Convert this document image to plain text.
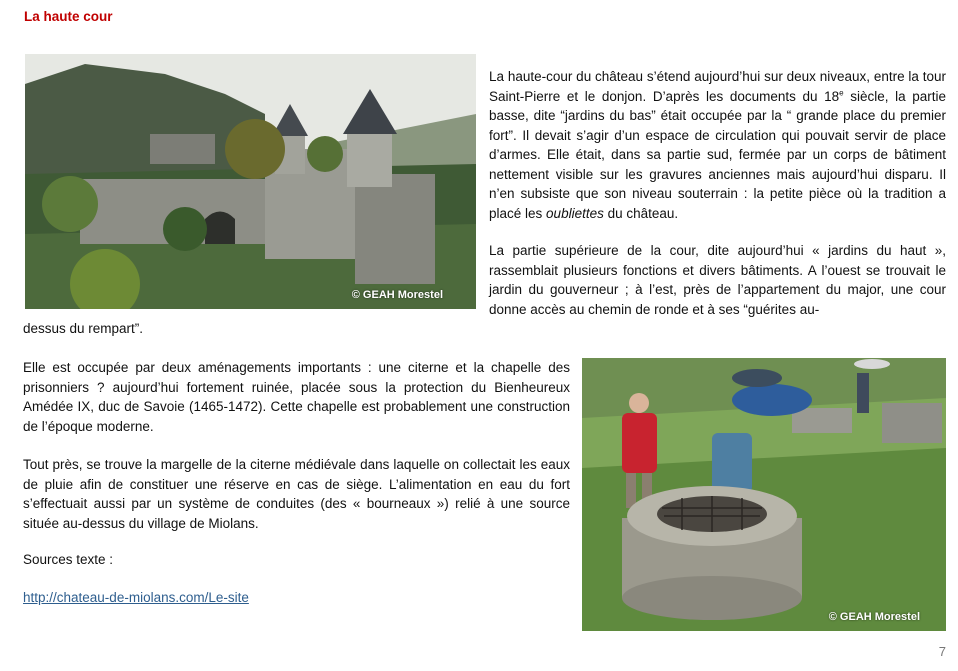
La haute cour
© GEAH Morestel

La haute-cour du château s’étend aujourd’hui sur deux niveaux, entre la tour Saint-Pierre et le donjon. D’après les documents du 18e siècle, la partie basse, dite “jardins du bas” était occupée par la “ grande place du premier fort”. Il devait s’agir d’un espace de circulation qui pouvait servir de place d’armes. Elle était, dans sa partie sud, fermée par un corps de bâtiment nettement visible sur les gravures anciennes mais aujourd’hui disparu. Il n’en subsiste que son niveau souterrain : la petite pièce où la tradition a placé les oubliettes du château.

La partie supérieure de la cour, dite aujourd’hui « jardins du haut », rassemblait plusieurs fonctions et divers bâtiments. A l’ouest se trouvait le jardin du gouverneur ; à l’est, près de l’appartement du major, une cour donne accès au chemin de ronde et à ses “guérites au-

dessus du rempart”.

Elle est occupée par deux aménagements importants : une citerne et la chapelle des prisonniers ? aujourd’hui fortement ruinée, placée sous la protection du Bienheureux Amédée IX, duc de Savoie (1465-1472). Cette chapelle est probablement une construction de l’époque moderne.

Tout près, se trouve la margelle de la citerne médiévale dans laquelle on collectait les eaux de pluie afin de constituer une réserve en cas de siège. L’alimentation en eau du fort s’effectuait aussi par un système de conduites (des « bourneaux ») relié à une source située au-dessus du village de Miolans.

Sources texte :
http://chateau-de-miolans.com/Le-site
© GEAH Morestel
7
